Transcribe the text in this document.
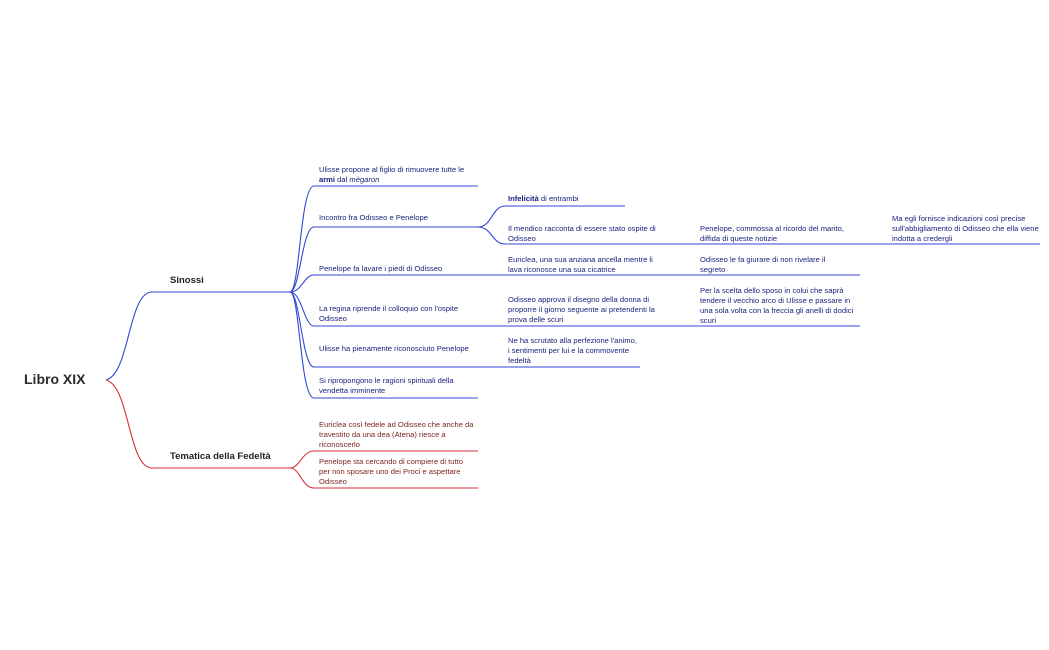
Libro XIX
Sinossi
Tematica della Fedeltà
Ulisse propone al figlio di rimuovere tutte le armi dal mègaron
Incontro fra Odisseo e Penelope
Penelope fa lavare i piedi di Odisseo
La regina riprende il colloquio con l'ospite Odisseo
Ulisse ha pienamente riconosciuto Penelope
Si ripropongono le ragioni spirituali della vendetta imminente
Infelicità di entrambi
Il mendico racconta di essere stato ospite di Odisseo
Penelope, commossa al ricordo del marito, diffida di queste notizie
Ma egli fornisce indicazioni così precise sull'abbigliamento di Odisseo che ella viene indotta a credergli
Euriclea, una sua anziana ancella mentre li lava riconosce una sua cicatrice
Odisseo le fa giurare di non rivelare il segreto
Odisseo approva il disegno della donna di proporre il giorno seguente ai pretendenti la prova delle scuri
Per la scelta dello sposo in colui che saprà tendere il vecchio arco di Ulisse e passare in una sola volta con la freccia gli anelli di dodici scuri
Ne ha scrutato alla perfezione l'animo, i sentimenti per lui e la commovente fedeltà
Euriclea così fedele ad Odisseo che anche da travestito da una dea (Atena) riesce a riconoscerlo
Penelope sta cercando di compiere di tutto per non sposare uno dei Proci e aspettare Odisseo
